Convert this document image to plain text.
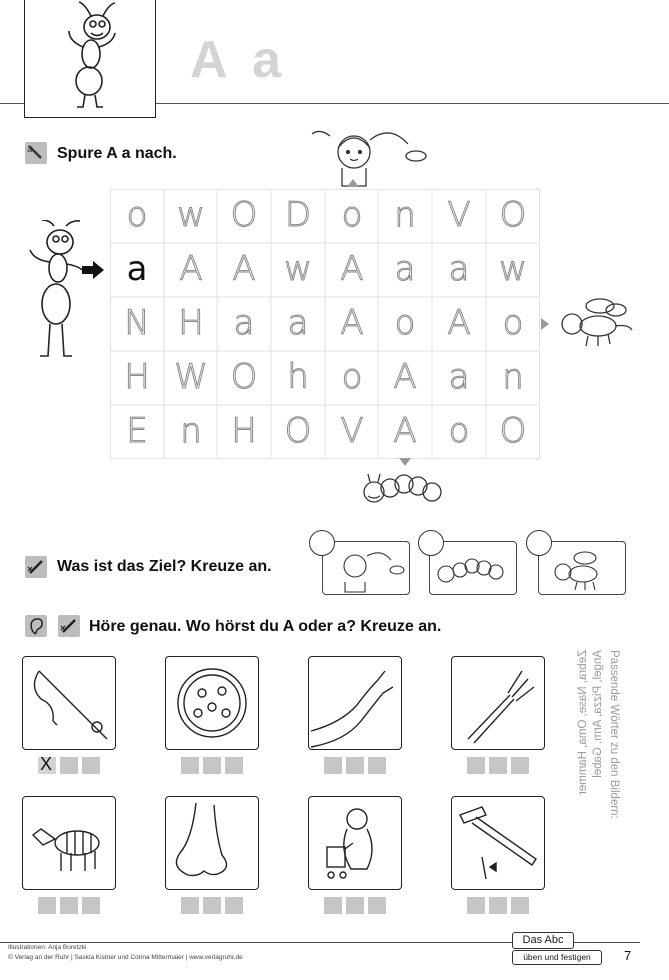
A a
a Spure A a nach.
o w O D o n V O
a A A w A a a w
N H a a A o A o
H W O h o A a n
E n H O V A o O
Was ist das Ziel? Kreuze an.
Höre genau. Wo hörst du A oder a? Kreuze an.
X	Passende Wörter zu den Bildern:
Angel, Pizza, Arm, Gabel
Zebra, Nase, Oma, Hammer
Illustrationen: Anja Boretzki
© Verlag an der Ruhr | Saskia Kistner und Corina Mittermaier | www.verlagruhr.de
Das Abc
üben und festigen	7
